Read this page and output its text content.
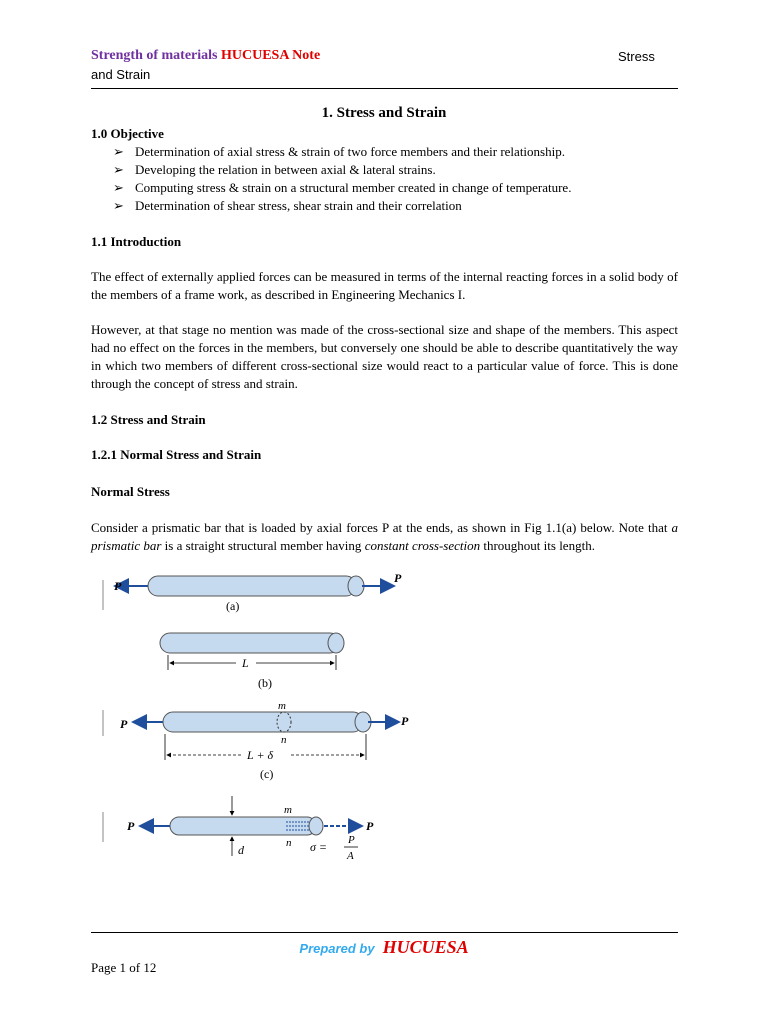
Strength of materials HUCUESA Note	Stress
and Strain
1. Stress and Strain
1.0 Objective
➢ Determination of axial stress & strain of two force members and their relationship.
➢ Developing the relation in between axial & lateral strains.
➢ Computing stress & strain on a structural member created in change of temperature.
➢ Determination of shear stress, shear strain and their correlation
1.1 Introduction

The effect of externally applied forces can be measured in terms of the internal reacting forces in a solid body of the members of a frame work, as described in Engineering Mechanics I.

However, at that stage no mention was made of the cross-sectional size and shape of the members. This aspect had no effect on the forces in the members, but conversely one should be able to describe quantitatively the way in which two members of different cross-sectional size would react to a particular value of force. This is done through the concept of stress and strain.

1.2 Stress and Strain
1.2.1 Normal Stress and Strain
Normal Stress

Consider a prismatic bar that is loaded by axial forces P at the ends, as shown in Fig 1.1(a) below. Note that a prismatic bar is a straight structural member having constant cross-section throughout its length.

P
P
(a)
L
(b)
P	P
m
n
L + δ
(c)
P	P
m
n
d	σ = P
A
Prepared by HUCUESA
Page 1 of 12
